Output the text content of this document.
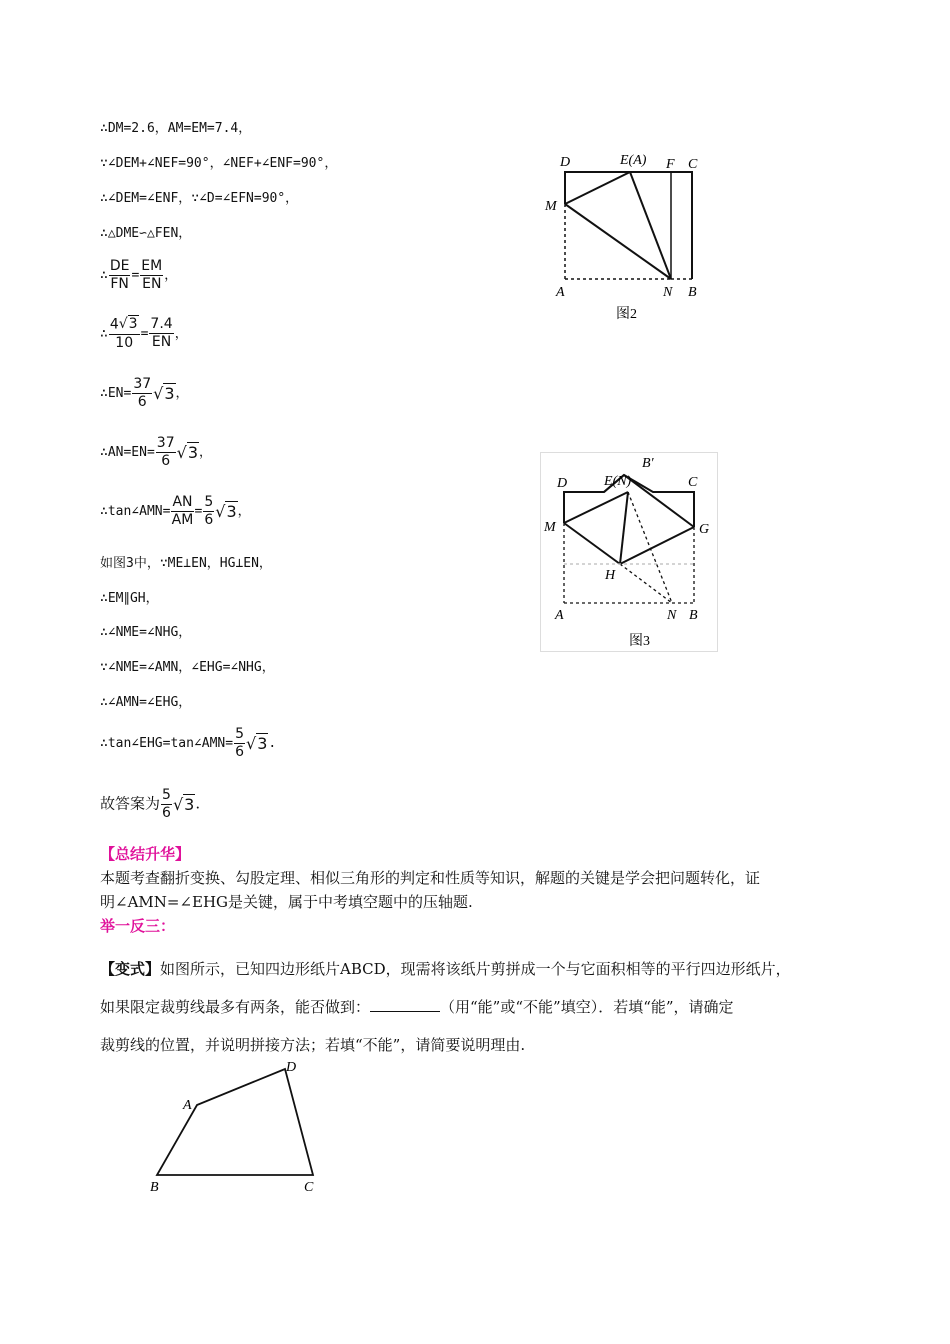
∴DM=2.6，AM=EM=7.4，
∵∠DEM+∠NEF=90°，∠NEF+∠ENF=90°，
∴∠DEM=∠ENF，∵∠D=∠EFN=90°，
∴△DME∽△FEN，
∴ $\frac{DE}{FN} = \frac{EM}{EN}$ ，
∴ $\frac{4√3}{10} = \frac{7.4}{EN}$ ，
∴EN= $\frac{37}{6} √3$，
∴AN=EN= $\frac{37}{6} √3$，
∴tan∠AMN= $\frac{AN}{AM} = \frac{5}{6} √3$，
如图3中，∵ME⊥EN，HG⊥EN，
∴EM∥GH，
∴∠NME=∠NHG，
∵∠NME=∠AMN，∠EHG=∠NHG，
∴∠AMN=∠EHG，
∴tan∠EHG=tan∠AMN= $\frac{5}{6} √3$.
故答案为 $\frac{5}{6} √3$.
【总结升华】
本题考查翻折变换、勾股定理、相似三角形的判定和性质等知识，解题的关键是学会把问题转化，证
明∠AMN=∠EHG是关键，属于中考填空题中的压轴题.
举一反三：
【变式】如图所示，已知四边形纸片ABCD，现需将该纸片剪拼成一个与它面积相等的平行四边形纸片，
如果限定裁剪线最多有两条，能否做到：	（用“能”或“不能”填空）．若填“能”，请确定
裁剪线的位置，并说明拼接方法；若填“不能”，请简要说明理由.
D	E(A) F C
M
A	N B
图2
B′
D	E(N)	C
M	G
H
A	N B
图3
A
D
B	C
